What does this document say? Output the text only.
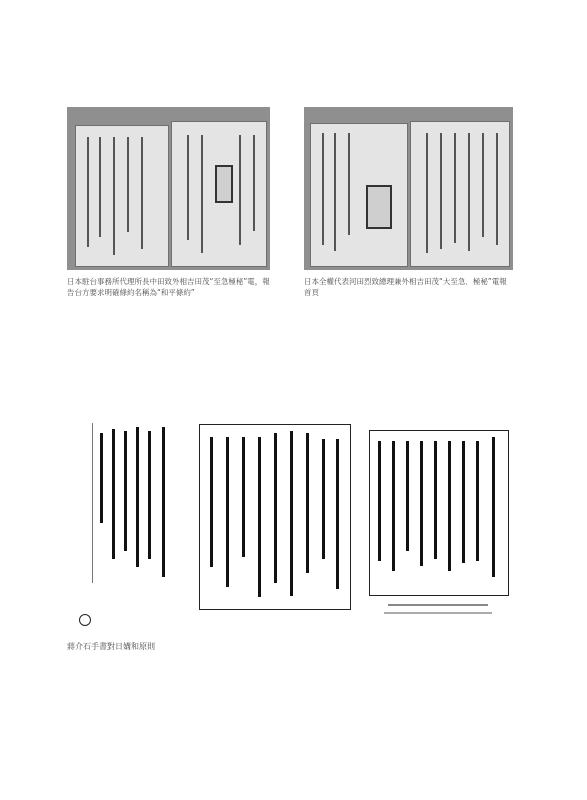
日本駐台事務所代理所長中田致外相吉田茂“至急極秘”電，報告台方要求明確條約名稱為“和平條約”
日本全權代表河田烈致總理兼外相吉田茂“大至急．極秘”電報首頁
蔣介石手書對日媾和原則
